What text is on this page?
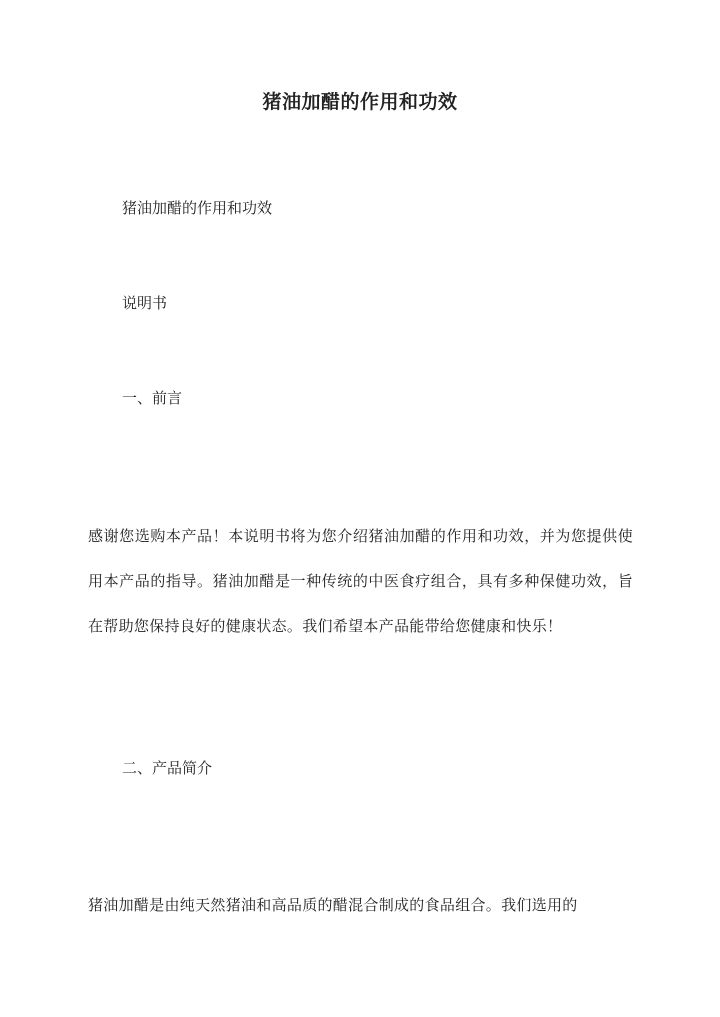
猪油加醋的作用和功效
猪油加醋的作用和功效
说明书
一、前言
感谢您选购本产品！本说明书将为您介绍猪油加醋的作用和功效，并为您提供使用本产品的指导。猪油加醋是一种传统的中医食疗组合，具有多种保健功效，旨在帮助您保持良好的健康状态。我们希望本产品能带给您健康和快乐！
二、产品简介
猪油加醋是由纯天然猪油和高品质的醋混合制成的食品组合。我们选用的
